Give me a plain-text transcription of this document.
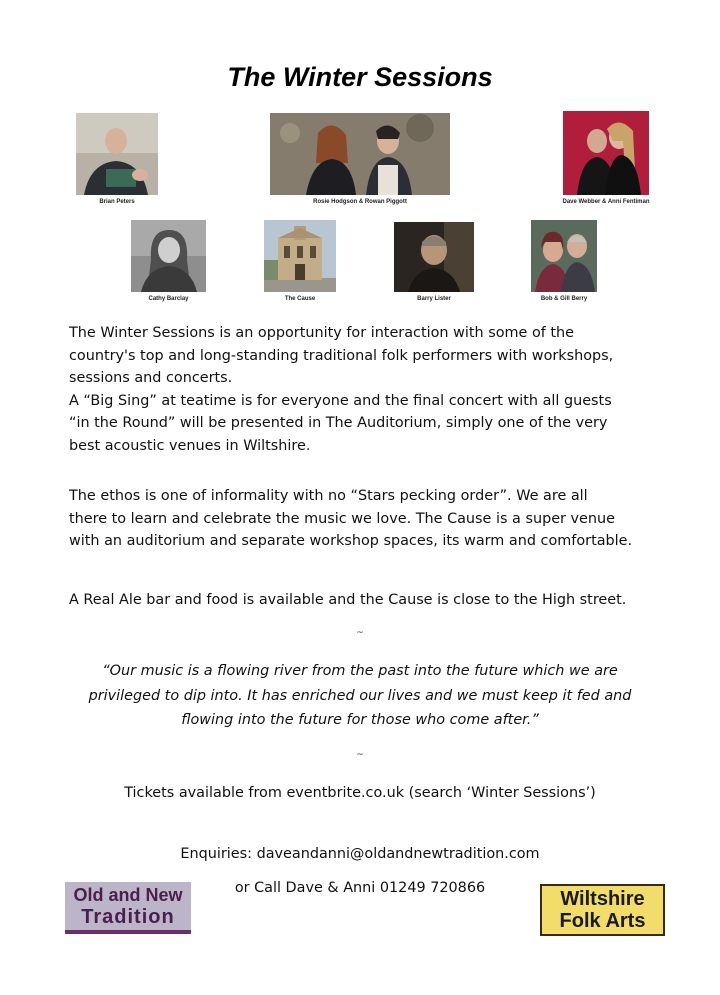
The Winter Sessions
Brian Peters	Rosie Hodgson & Rowan Piggott	Dave Webber & Anni Fentiman
Cathy Barclay	The Cause	Barry Lister	Bob & Gill Berry

The Winter Sessions is an opportunity for interaction with some of the

country's top and long-standing traditional folk performers with workshops,

sessions and concerts.

A “Big Sing” at teatime is for everyone and the final concert with all guests

“in the Round” will be presented in The Auditorium, simply one of the very

best acoustic venues in Wiltshire.

The ethos is one of informality with no “Stars pecking order”. We are all

there to learn and celebrate the music we love. The Cause is a super venue

with an auditorium and separate workshop spaces, its warm and comfortable.

A Real Ale bar and food is available and the Cause is close to the High street.

~
“Our music is a flowing river from the past into the future which we are
privileged to dip into. It has enriched our lives and we must keep it fed and
flowing into the future for those who come after.”
~
Tickets available from eventbrite.co.uk (search ‘Winter Sessions’)
Enquiries: daveandanni@oldandnewtradition.com
or Call Dave & Anni 01249 720866
Old and New
Tradition
Wiltshire
Folk Arts
